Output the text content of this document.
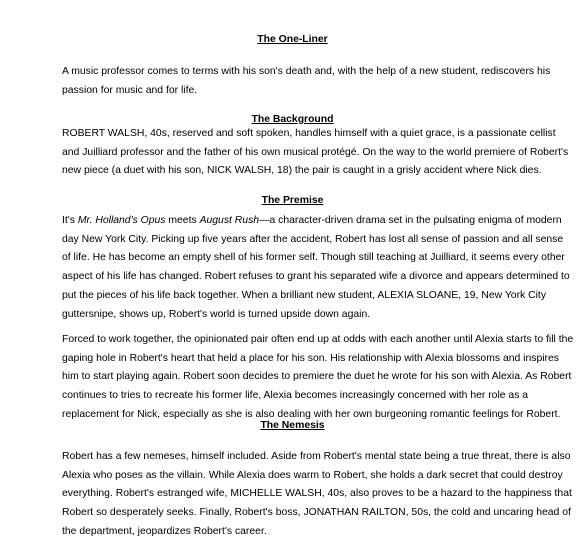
The One-Liner
A music professor comes to terms with his son's death and, with the help of a new student, rediscovers his
passion for music and for life.
The Background
ROBERT WALSH, 40s, reserved and soft spoken, handles himself with a quiet grace, is a passionate cellist
and Juilliard professor and the father of his own musical protégé. On the way to the world premiere of Robert's
new piece (a duet with his son, NICK WALSH, 18) the pair is caught in a grisly accident where Nick dies.
The Premise
It's Mr. Holland's Opus meets August Rush—a character-driven drama set in the pulsating enigma of modern
day New York City. Picking up five years after the accident, Robert has lost all sense of passion and all sense
of life. He has become an empty shell of his former self. Though still teaching at Juilliard, it seems every other
aspect of his life has changed. Robert refuses to grant his separated wife a divorce and appears determined to
put the pieces of his life back together. When a brilliant new student, ALEXIA SLOANE, 19, New York City
guttersnipe, shows up, Robert's world is turned upside down again.
Forced to work together, the opinionated pair often end up at odds with each another until Alexia starts to fill the
gaping hole in Robert's heart that held a place for his son. His relationship with Alexia blossoms and inspires
him to start playing again. Robert soon decides to premiere the duet he wrote for his son with Alexia. As Robert
continues to tries to recreate his former life, Alexia becomes increasingly concerned with her role as a
replacement for Nick, especially as she is also dealing with her own burgeoning romantic feelings for Robert.
The Nemesis
Robert has a few nemeses, himself included. Aside from Robert's mental state being a true threat, there is also
Alexia who poses as the villain. While Alexia does warm to Robert, she holds a dark secret that could destroy
everything. Robert's estranged wife, MICHELLE WALSH, 40s, also proves to be a hazard to the happiness that
Robert so desperately seeks. Finally, Robert's boss, JONATHAN RAILTON, 50s, the cold and uncaring head of
the department, jeopardizes Robert's career.
